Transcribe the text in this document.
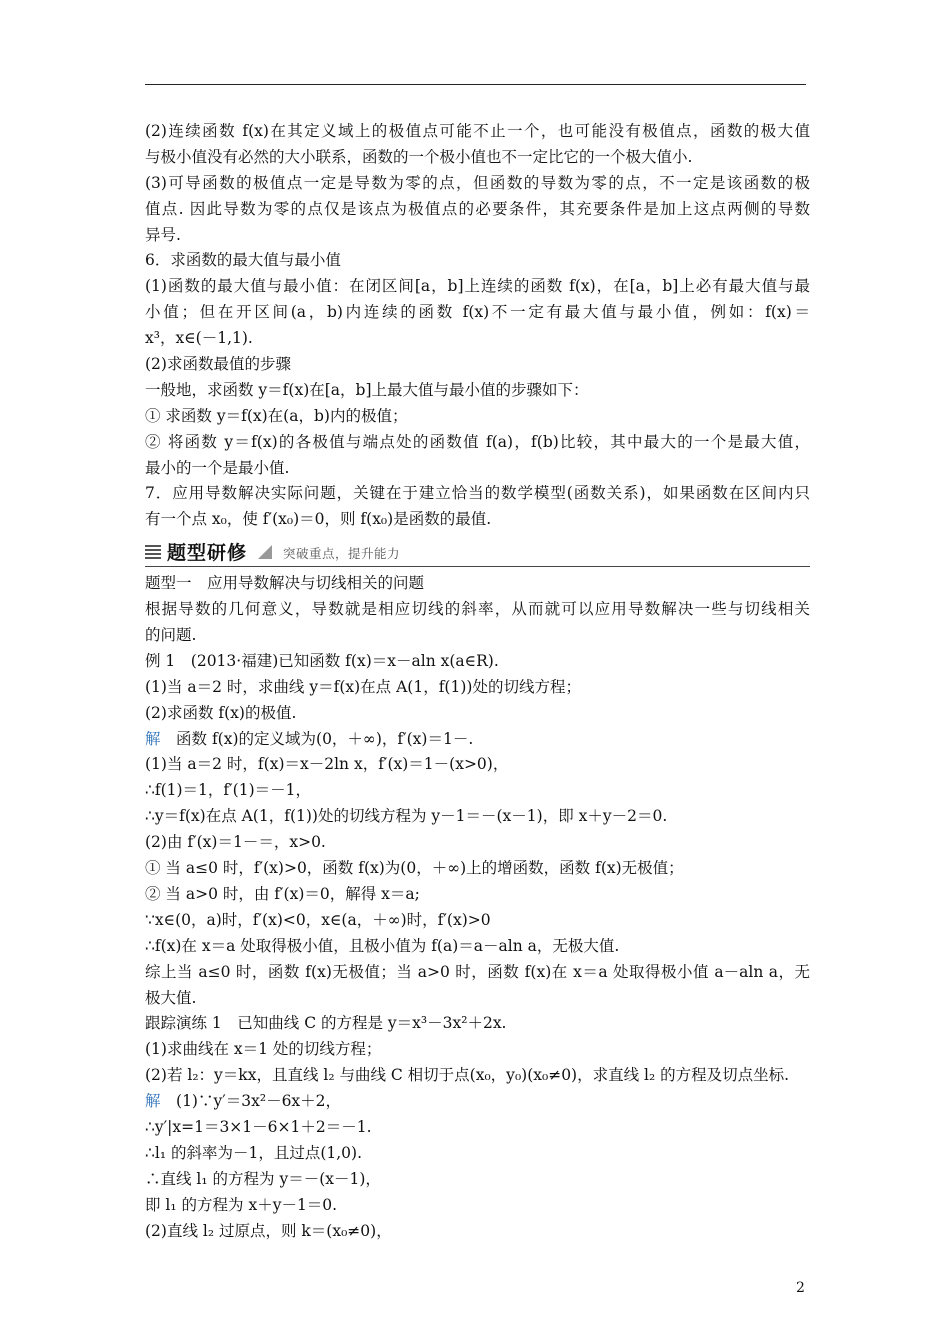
(2)连续函数 f(x)在其定义域上的极值点可能不止一个，也可能没有极值点，函数的极大值
与极小值没有必然的大小联系，函数的一个极小值也不一定比它的一个极大值小.
(3)可导函数的极值点一定是导数为零的点，但函数的导数为零的点，不一定是该函数的极
值点. 因此导数为零的点仅是该点为极值点的必要条件，其充要条件是加上这点两侧的导数
异号.
6．求函数的最大值与最小值
(1)函数的最大值与最小值：在闭区间[a，b]上连续的函数 f(x)，在[a，b]上必有最大值与最
小值；但在开区间(a，b)内连续的函数 f(x)不一定有最大值与最小值，例如：f(x)＝
x³，x∈(－1,1).
(2)求函数最值的步骤
一般地，求函数 y＝f(x)在[a，b]上最大值与最小值的步骤如下：
① 求函数 y＝f(x)在(a，b)内的极值；
② 将函数 y＝f(x)的各极值与端点处的函数值 f(a)，f(b)比较，其中最大的一个是最大值，
最小的一个是最小值.
7．应用导数解决实际问题，关键在于建立恰当的数学模型(函数关系)，如果函数在区间内只
有一个点 x₀，使 f′(x₀)＝0，则 f(x₀)是函数的最值.
题型研修	突破重点，提升能力
题型一　应用导数解决与切线相关的问题
根据导数的几何意义，导数就是相应切线的斜率，从而就可以应用导数解决一些与切线相关
的问题.
例 1　(2013·福建)已知函数 f(x)＝x－aln x(a∈R).
(1)当 a＝2 时，求曲线 y＝f(x)在点 A(1，f(1))处的切线方程；
(2)求函数 f(x)的极值.
解　函数 f(x)的定义域为(0，＋∞)，f′(x)＝1－.
(1)当 a＝2 时，f(x)＝x－2ln x，f′(x)＝1－(x>0)，
∴f(1)＝1，f′(1)＝－1，
∴y＝f(x)在点 A(1，f(1))处的切线方程为 y－1＝－(x－1)，即 x＋y－2＝0.
(2)由 f′(x)＝1－＝，x>0.
① 当 a≤0 时，f′(x)>0，函数 f(x)为(0，＋∞)上的增函数，函数 f(x)无极值；
② 当 a>0 时，由 f′(x)＝0，解得 x＝a;
∵x∈(0，a)时，f′(x)<0，x∈(a，＋∞)时，f′(x)>0
∴f(x)在 x＝a 处取得极小值，且极小值为 f(a)＝a－aln a，无极大值.
综上当 a≤0 时，函数 f(x)无极值；当 a>0 时，函数 f(x)在 x＝a 处取得极小值 a－aln a，无
极大值.
跟踪演练 1　已知曲线 C 的方程是 y＝x³－3x²＋2x.
(1)求曲线在 x＝1 处的切线方程；
(2)若 l₂：y＝kx，且直线 l₂ 与曲线 C 相切于点(x₀，y₀)(x₀≠0)，求直线 l₂ 的方程及切点坐标.
解　(1)∵y′＝3x²－6x＋2，
∴y′|x=1＝3×1－6×1＋2＝－1.
∴l₁ 的斜率为－1，且过点(1,0).
∴直线 l₁ 的方程为 y＝－(x－1)，
即 l₁ 的方程为 x＋y－1＝0.
(2)直线 l₂ 过原点，则 k＝(x₀≠0)，
2
